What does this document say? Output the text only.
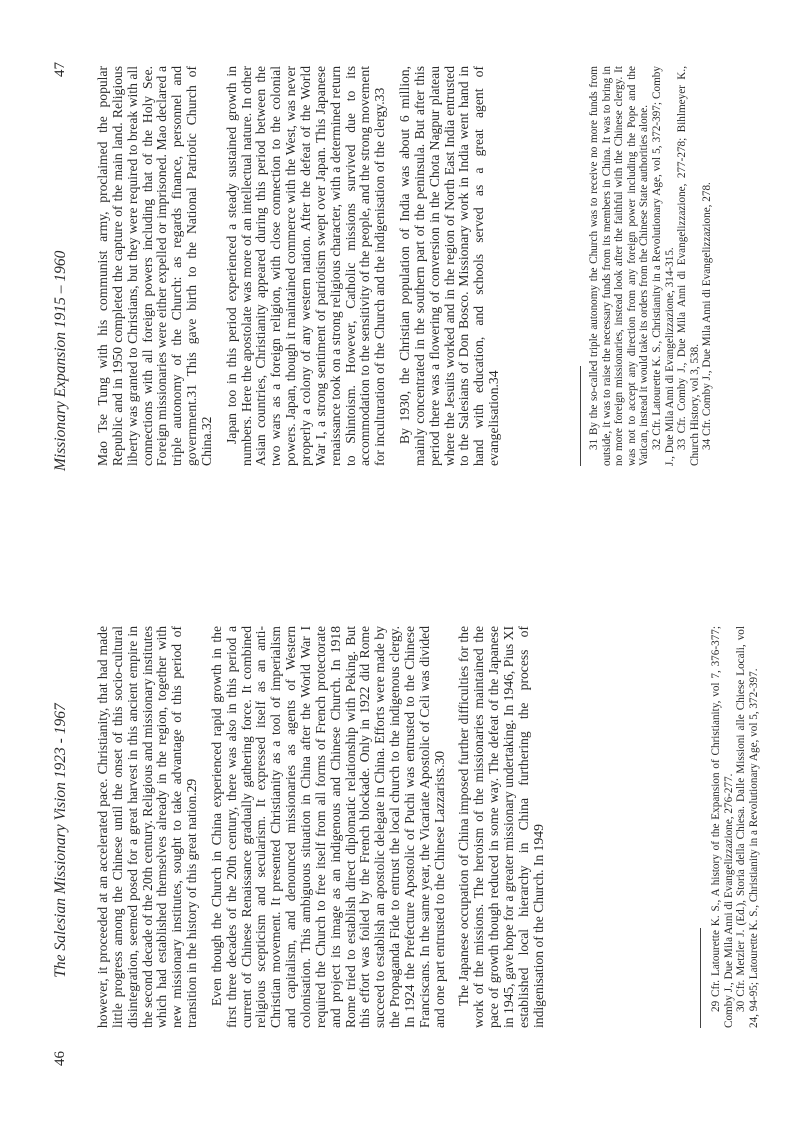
46
The Salesian Missionary Vision 1923 - 1967 however, it proceeded at an accelerated pace. Christianity, that had made little progress among the Chinese until the onset of this socio-cultural disintegration, seemed posed for a great harvest in this ancient empire in the second decade of the 20th century. Religious and missionary institutes which had established themselves already in the region, together with new missionary institutes, sought to take advantage of this period of transition in the history of this great nation.29 Even though the Church in China experienced rapid growth in the first three decades of the 20th century, there was also in this period a current of Chinese Renaissance gradually gathering force. It combined religious scepticism and secularism. It expressed itself as an anti-Christian movement. It presented Christianity as a tool of imperialism and capitalism, and denounced missionaries as agents of Western colonisation. This ambiguous situation in China after the World War I required the Church to free itself from all forms of French protectorate and project its image as an indigenous and Chinese Church. In 1918 Rome tried to establish direct diplomatic relationship with Peking. But this effort was foiled by the French blockade. Only in 1922 did Rome succeed to establish an apostolic delegate in China. Efforts were made by the Propaganda Fide to entrust the local church to the indigenous clergy. In 1924 the Prefecture Apostolic of Puchi was entrusted to the Chinese Franciscans. In the same year, the Vicariate Apostolic of Celi was divided and one part entrusted to the Chinese Lazzarists.30 The Japanese occupation of China imposed further difficulties for the work of the missions. The heroism of the missionaries maintained the pace of growth though reduced in some way. The defeat of the Japanese in 1945, gave hope for a greater missionary undertaking. In 1946, Pius XI established local hierarchy in China furthering the process of indigenisation of the Church. In 1949	29 Cfr. Latourette K. S., A history of the Expansion of Christianity, vol 7, 376-377; Comby J., Due Mila Anni di Evangelizzazione, 276-277. 30 Cfr. Metzler J. (Ed.), Storia della Chiesa. Dalle Missioni alle Chiese Locali, vol 24, 94-95; Latourette K. S., Christianity in a Revolutionary Age, vol 5, 372-397.

Missionary Expansion 1915 – 1960
47 Mao Tse Tung with his communist army, proclaimed the popular Republic and in 1950 completed the capture of the main land. Religious liberty was granted to Christians, but they were required to break with all connections with all foreign powers including that of the Holy See. Foreign missionaries were either expelled or imprisoned. Mao declared a triple autonomy of the Church: as regards finance, personnel and government.31 This gave birth to the National Patriotic Church of China.32 Japan too in this period experienced a steady sustained growth in numbers. Here the apostolate was more of an intellectual nature. In other Asian countries, Christianity appeared during this period between the two wars as a foreign religion, with close connection to the colonial powers. Japan, though it maintained commerce with the West, was never properly a colony of any western nation. After the defeat of the World War I, a strong sentiment of patriotism swept over Japan. This Japanese renaissance took on a strong religious character, with a determined return to Shintoism. However, Catholic missions survived due to its accommodation to the sensitivity of the people, and the strong movement for inculturation of the Church and the indigenisation of the clergy.33 By 1930, the Christian population of India was about 6 million, mainly concentrated in the southern part of the peninsula. But after this period there was a flowering of conversion in the Chota Nagpur plateau where the Jesuits worked and in the region of North East India entrusted to the Salesians of Don Bosco. Missionary work in India went hand in hand with education, and schools served as a great agent of evangelisation.34	31 By the so-called triple autonomy the Church was to receive no more funds from outside, it was to raise the necessary funds from its members in China. It was to bring in no more foreign missionaries, instead look after the faithful with the Chinese clergy. It was not to accept any direction from any foreign power including the Pope and the Vatican, instead it would take its orders from the Chinese State authorities alone. 32 Cfr. Latourette K. S., Christianity in a Revolutionary Age, vol 5, 372-397; Comby J., Due Mila Anni di Evangelizzazione, 314-315. 33 Cfr. Comby J., Due Mila Anni di Evangelizzazione, 277-278; Bihlmeyer K., Church History, vol 3, 538. 34 Cfr. Comby J., Due Mila Anni di Evangelizzazione, 278.
